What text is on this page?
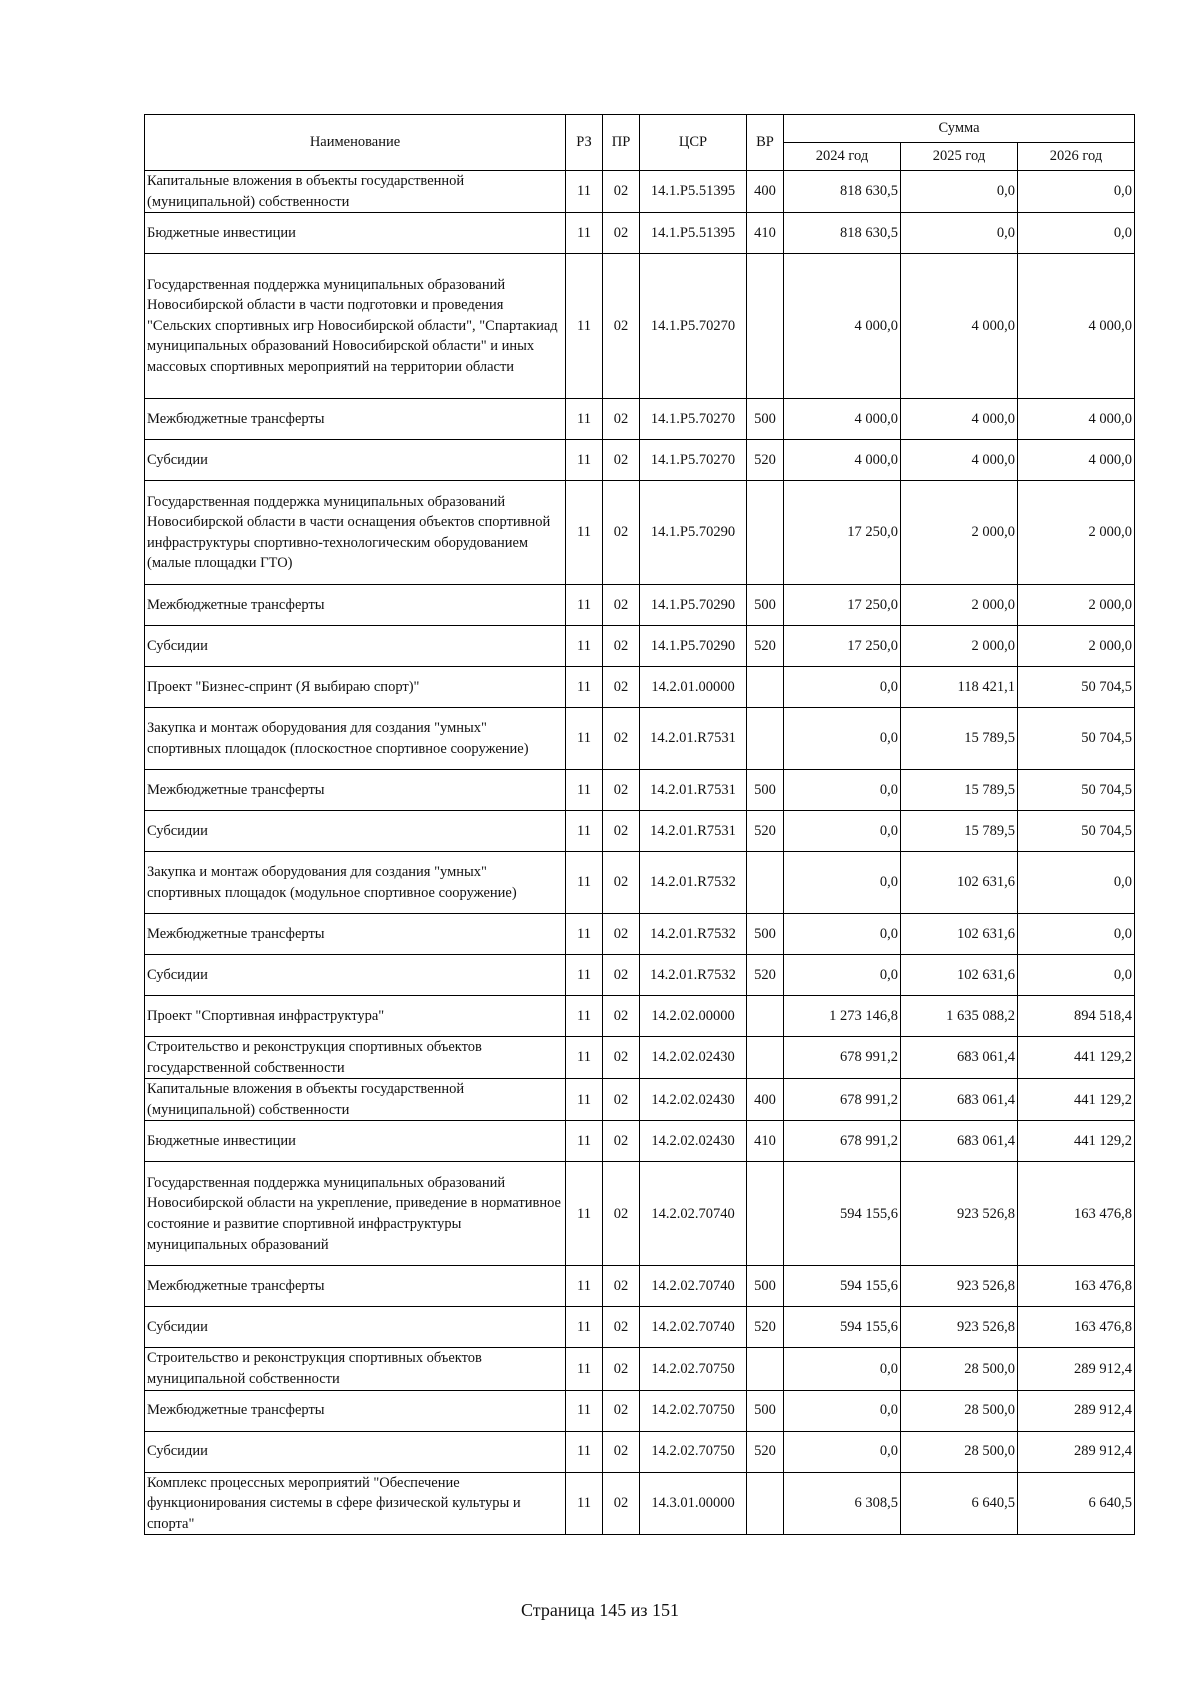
Наименование	РЗ	ПР	ЦСР	ВР	Сумма		
					2024 год	2025 год	2026 год
Капитальные вложения в объекты государственной (муниципальной) собственности	11	02	14.1.P5.51395	400	818 630,5	0,0	0,0
Бюджетные инвестиции	11	02	14.1.P5.51395	410	818 630,5	0,0	0,0
Государственная поддержка муниципальных образований Новосибирской области в части подготовки и проведения "Сельских спортивных игр Новосибирской области", "Спартакиад муниципальных образований Новосибирской области" и иных массовых спортивных мероприятий на территории области	11	02	14.1.P5.70270		4 000,0	4 000,0	4 000,0
Межбюджетные трансферты	11	02	14.1.P5.70270	500	4 000,0	4 000,0	4 000,0
Субсидии	11	02	14.1.P5.70270	520	4 000,0	4 000,0	4 000,0
Государственная поддержка муниципальных образований Новосибирской области в части оснащения объектов спортивной инфраструктуры спортивно-технологическим оборудованием (малые площадки ГТО)	11	02	14.1.P5.70290		17 250,0	2 000,0	2 000,0
Межбюджетные трансферты	11	02	14.1.P5.70290	500	17 250,0	2 000,0	2 000,0
Субсидии	11	02	14.1.P5.70290	520	17 250,0	2 000,0	2 000,0
Проект "Бизнес-спринт (Я выбираю спорт)"	11	02	14.2.01.00000		0,0	118 421,1	50 704,5
Закупка и монтаж оборудования для создания "умных" спортивных площадок (плоскостное спортивное сооружение)	11	02	14.2.01.R7531		0,0	15 789,5	50 704,5
Межбюджетные трансферты	11	02	14.2.01.R7531	500	0,0	15 789,5	50 704,5
Субсидии	11	02	14.2.01.R7531	520	0,0	15 789,5	50 704,5
Закупка и монтаж оборудования для создания "умных" спортивных площадок (модульное спортивное сооружение)	11	02	14.2.01.R7532		0,0	102 631,6	0,0
Межбюджетные трансферты	11	02	14.2.01.R7532	500	0,0	102 631,6	0,0
Субсидии	11	02	14.2.01.R7532	520	0,0	102 631,6	0,0
Проект "Спортивная инфраструктура"	11	02	14.2.02.00000		1 273 146,8	1 635 088,2	894 518,4
Строительство и реконструкция спортивных объектов государственной собственности	11	02	14.2.02.02430		678 991,2	683 061,4	441 129,2
Капитальные вложения в объекты государственной (муниципальной) собственности	11	02	14.2.02.02430	400	678 991,2	683 061,4	441 129,2
Бюджетные инвестиции	11	02	14.2.02.02430	410	678 991,2	683 061,4	441 129,2
Государственная поддержка муниципальных образований Новосибирской области на укрепление, приведение в нормативное состояние и развитие спортивной инфраструктуры муниципальных образований	11	02	14.2.02.70740		594 155,6	923 526,8	163 476,8
Межбюджетные трансферты	11	02	14.2.02.70740	500	594 155,6	923 526,8	163 476,8
Субсидии	11	02	14.2.02.70740	520	594 155,6	923 526,8	163 476,8
Строительство и реконструкция спортивных объектов муниципальной собственности	11	02	14.2.02.70750		0,0	28 500,0	289 912,4
Межбюджетные трансферты	11	02	14.2.02.70750	500	0,0	28 500,0	289 912,4
Субсидии	11	02	14.2.02.70750	520	0,0	28 500,0	289 912,4
Комплекс процессных мероприятий "Обеспечение функционирования системы в сфере физической культуры и спорта"	11	02	14.3.01.00000		6 308,5	6 640,5	6 640,5
Страница 145 из 151
